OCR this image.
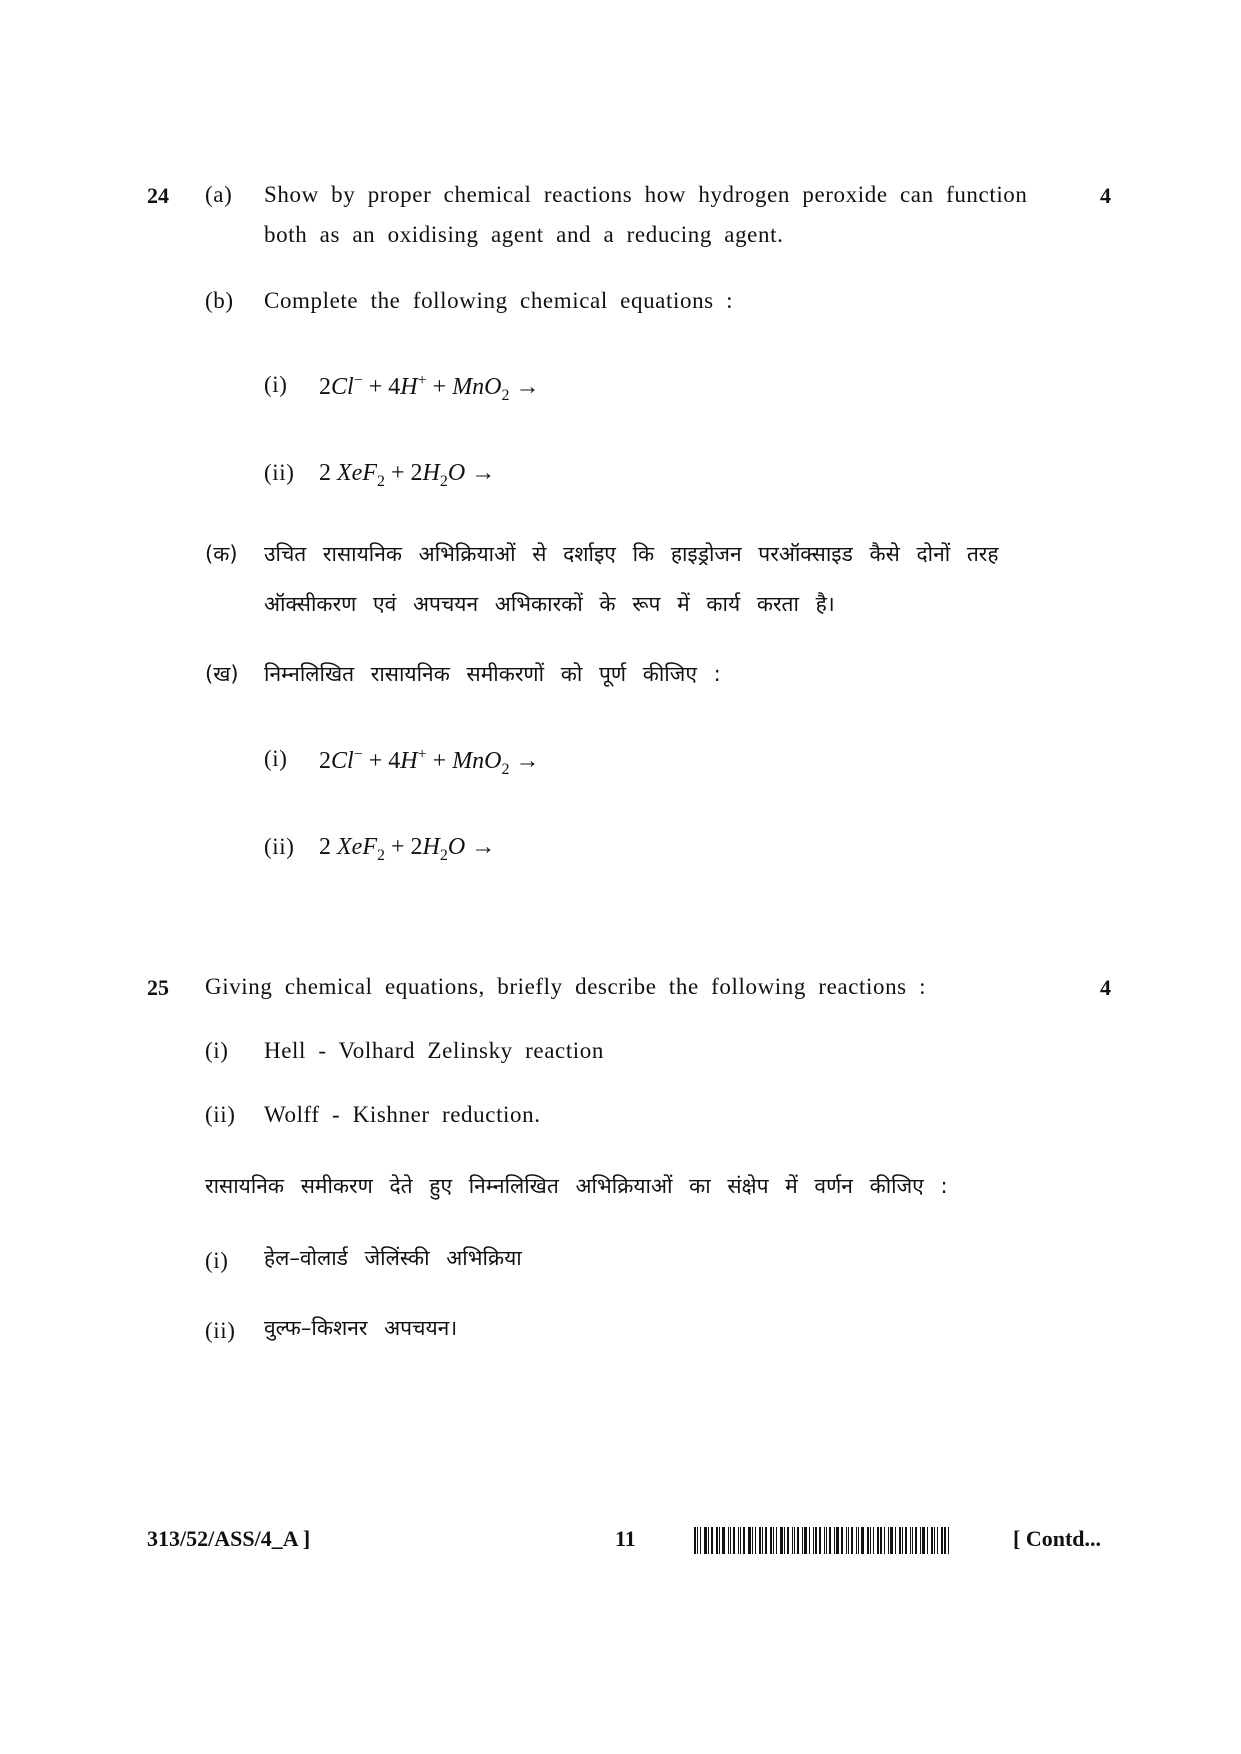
24 (a) Show by proper chemical reactions how hydrogen peroxide can function	4
both as an oxidising agent and a reducing agent.
(b) Complete the following chemical equations :
(i) 2Cl− + 4H+ + MnO$_2$ →
(ii) 2 $XeF_2 + 2H_2O$ →
(क) उचित रासायनिक अभिक्रियाओं से दर्शाइए कि हाइड्रोजन परऑक्साइड कैसे दोनों तरह
ऑक्सीकरण एवं अपचयन अभिकारकों के रूप में कार्य करता है।
(ख) निम्नलिखित रासायनिक समीकरणों को पूर्ण कीजिए :
(i) 2Cl− + 4H+ + MnO$_2$ →
(ii) 2 $XeF_2 + 2H_2O$ →
25 Giving chemical equations, briefly describe the following reactions :	4
(i) Hell - Volhard Zelinsky reaction
(ii) Wolff - Kishner reduction.
रासायनिक समीकरण देते हुए निम्नलिखित अभिक्रियाओं का संक्षेप में वर्णन कीजिए :
(i) हेल–वोलार्ड जेलिंस्की अभिक्रिया
(ii) वुल्फ–किशनर अपचयन।
313/52/ASS/4_A ]	11	[ Contd...
